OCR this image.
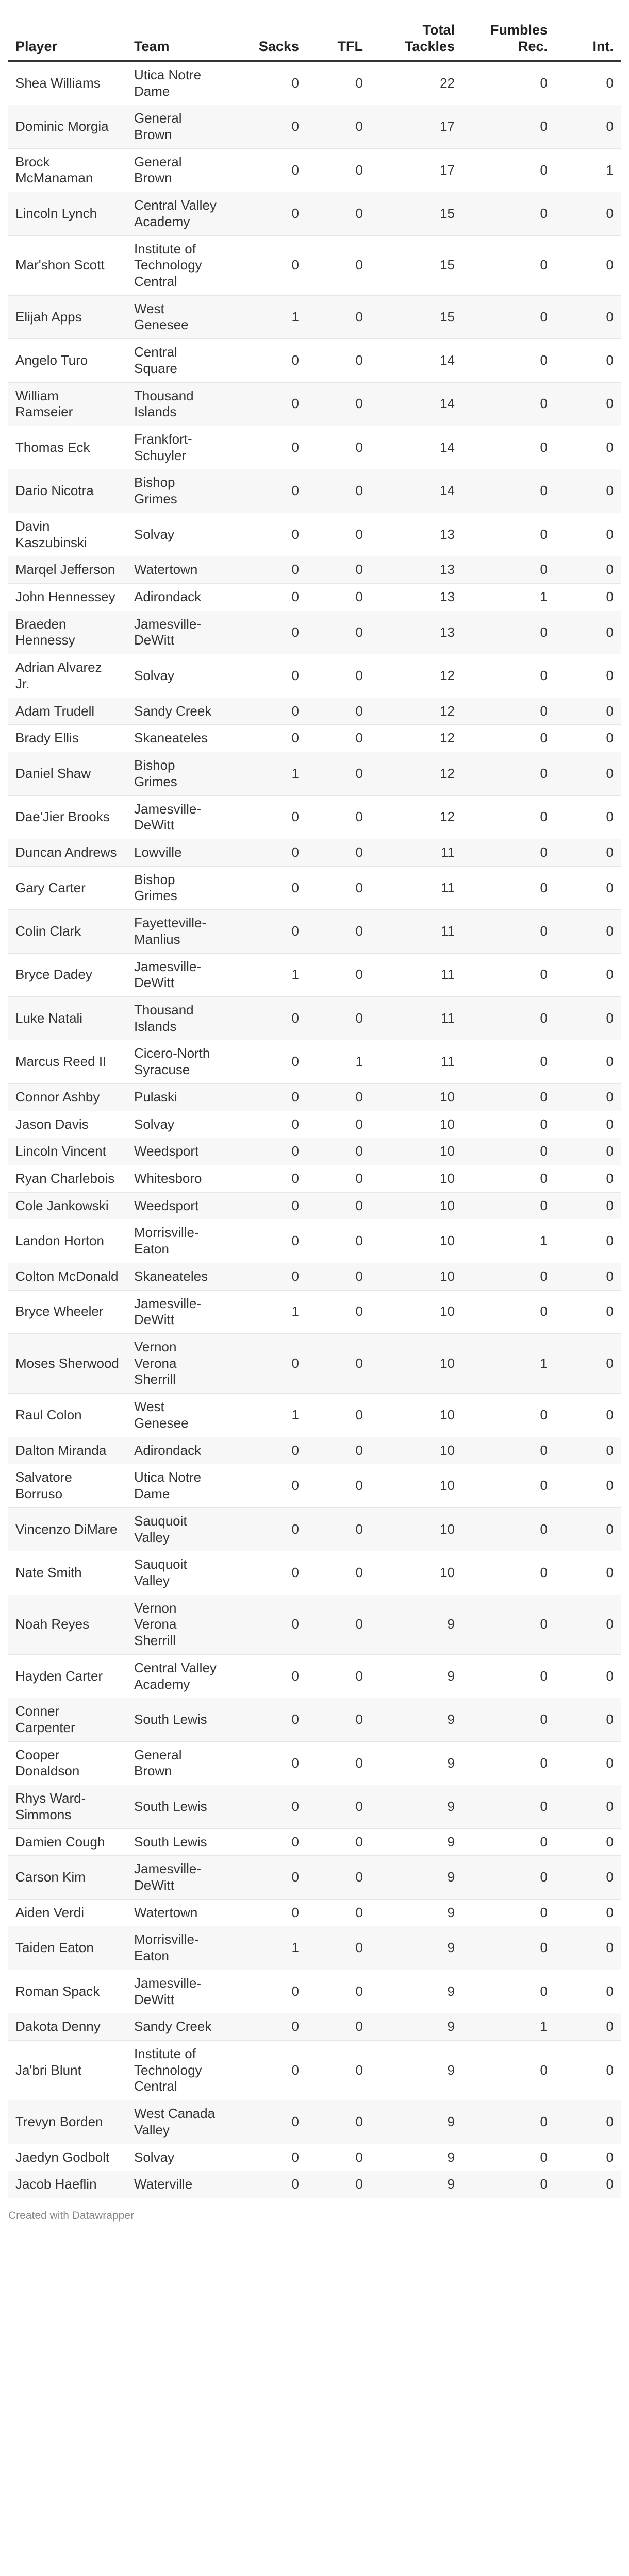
Player	Team	Sacks	TFL	Total Tackles	Fumbles Rec.	Int.
Shea Williams	Utica Notre Dame	0	0	22	0	0
Dominic Morgia	General Brown	0	0	17	0	0
Brock McManaman	General Brown	0	0	17	0	1
Lincoln Lynch	Central Valley Academy	0	0	15	0	0
Mar'shon Scott	Institute of Technology Central	0	0	15	0	0
Elijah Apps	West Genesee	1	0	15	0	0
Angelo Turo	Central Square	0	0	14	0	0
William Ramseier	Thousand Islands	0	0	14	0	0
Thomas Eck	Frankfort-Schuyler	0	0	14	0	0
Dario Nicotra	Bishop Grimes	0	0	14	0	0
Davin Kaszubinski	Solvay	0	0	13	0	0
Marqel Jefferson	Watertown	0	0	13	0	0
John Hennessey	Adirondack	0	0	13	1	0
Braeden Hennessy	Jamesville-DeWitt	0	0	13	0	0
Adrian Alvarez Jr.	Solvay	0	0	12	0	0
Adam Trudell	Sandy Creek	0	0	12	0	0
Brady Ellis	Skaneateles	0	0	12	0	0
Daniel Shaw	Bishop Grimes	1	0	12	0	0
Dae'Jier Brooks	Jamesville-DeWitt	0	0	12	0	0
Duncan Andrews	Lowville	0	0	11	0	0
Gary Carter	Bishop Grimes	0	0	11	0	0
Colin Clark	Fayetteville-Manlius	0	0	11	0	0
Bryce Dadey	Jamesville-DeWitt	1	0	11	0	0
Luke Natali	Thousand Islands	0	0	11	0	0
Marcus Reed II	Cicero-North Syracuse	0	1	11	0	0
Connor Ashby	Pulaski	0	0	10	0	0
Jason Davis	Solvay	0	0	10	0	0
Lincoln Vincent	Weedsport	0	0	10	0	0
Ryan Charlebois	Whitesboro	0	0	10	0	0
Cole Jankowski	Weedsport	0	0	10	0	0
Landon Horton	Morrisville-Eaton	0	0	10	1	0
Colton McDonald	Skaneateles	0	0	10	0	0
Bryce Wheeler	Jamesville-DeWitt	1	0	10	0	0
Moses Sherwood	Vernon Verona Sherrill	0	0	10	1	0
Raul Colon	West Genesee	1	0	10	0	0
Dalton Miranda	Adirondack	0	0	10	0	0
Salvatore Borruso	Utica Notre Dame	0	0	10	0	0
Vincenzo DiMare	Sauquoit Valley	0	0	10	0	0
Nate Smith	Sauquoit Valley	0	0	10	0	0
Noah Reyes	Vernon Verona Sherrill	0	0	9	0	0
Hayden Carter	Central Valley Academy	0	0	9	0	0
Conner Carpenter	South Lewis	0	0	9	0	0
Cooper Donaldson	General Brown	0	0	9	0	0
Rhys Ward-Simmons	South Lewis	0	0	9	0	0
Damien Cough	South Lewis	0	0	9	0	0
Carson Kim	Jamesville-DeWitt	0	0	9	0	0
Aiden Verdi	Watertown	0	0	9	0	0
Taiden Eaton	Morrisville-Eaton	1	0	9	0	0
Roman Spack	Jamesville-DeWitt	0	0	9	0	0
Dakota Denny	Sandy Creek	0	0	9	1	0
Ja'bri Blunt	Institute of Technology Central	0	0	9	0	0
Trevyn Borden	West Canada Valley	0	0	9	0	0
Jaedyn Godbolt	Solvay	0	0	9	0	0
Jacob Haeflin	Waterville	0	0	9	0	0
Created with Datawrapper
